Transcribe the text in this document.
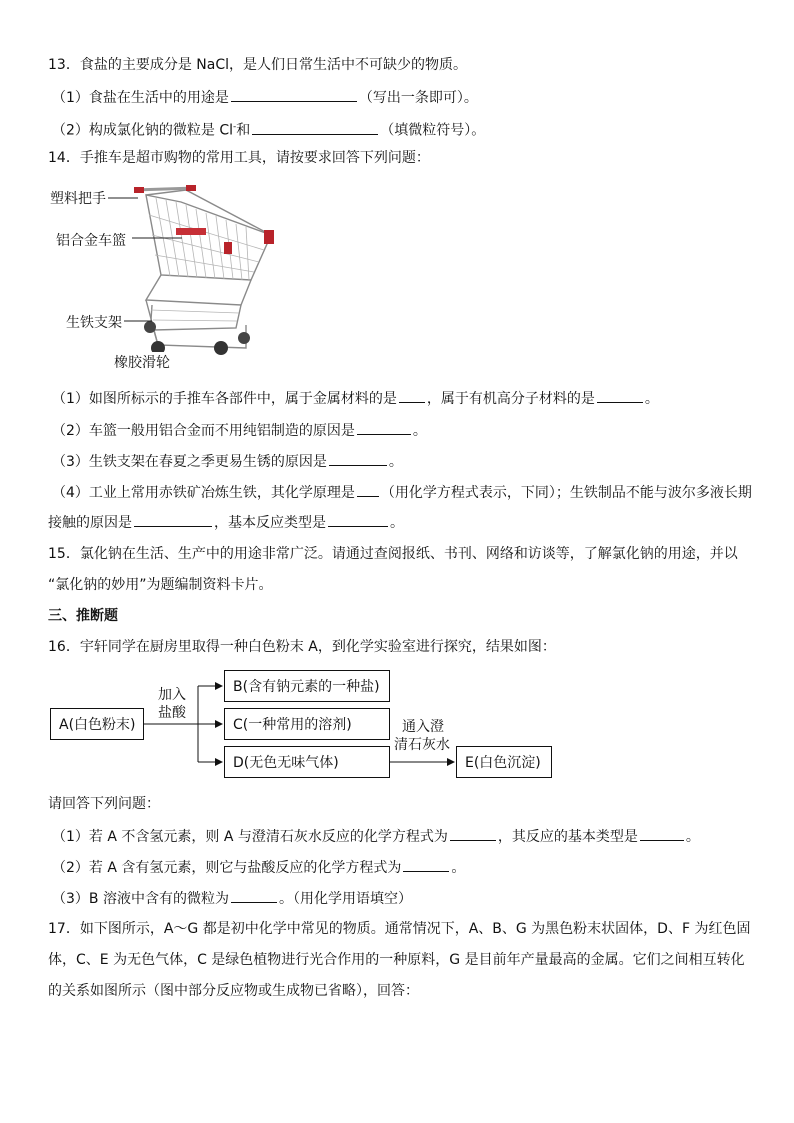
13．食盐的主要成分是 NaCl，是人们日常生活中不可缺少的物质。
（1）食盐在生活中的用途是	（写出一条即可）。
（2）构成氯化钠的微粒是 Cl-和	（填微粒符号）。
14．手推车是超市购物的常用工具，请按要求回答下列问题：
塑料把手
铝合金车篮
生铁支架
橡胶滑轮
（1）如图所标示的手推车各部件中，属于金属材料的是 ，属于有机高分子材料的是	。
（2）车篮一般用铝合金而不用纯铝制造的原因是	。
（3）生铁支架在春夏之季更易生锈的原因是	。
（4）工业上常用赤铁矿冶炼生铁，其化学原理是 （用化学方程式表示，下同）；生铁制品不能与波尔多液长期
接触的原因是	，基本反应类型是	。
15．氯化钠在生活、生产中的用途非常广泛。请通过查阅报纸、书刊、网络和访谈等，了解氯化钠的用途，并以
“氯化钠的妙用”为题编制资料卡片。
三、推断题
16．宇轩同学在厨房里取得一种白色粉末 A，到化学实验室进行探究，结果如图：
A(白色粉末)
加入
盐酸
B(含有钠元素的一种盐)
C(一种常用的溶剂)
D(无色无味气体)
通入澄
清石灰水
E(白色沉淀)
请回答下列问题：
（1）若 A 不含氢元素，则 A 与澄清石灰水反应的化学方程式为	，其反应的基本类型是	。
（2）若 A 含有氢元素，则它与盐酸反应的化学方程式为	。
（3）B 溶液中含有的微粒为	。（用化学用语填空）
17．如下图所示，A～G 都是初中化学中常见的物质。通常情况下，A、B、G 为黑色粉末状固体，D、F 为红色固
体，C、E 为无色气体，C 是绿色植物进行光合作用的一种原料，G 是目前年产量最高的金属。它们之间相互转化
的关系如图所示（图中部分反应物或生成物已省略），回答：
